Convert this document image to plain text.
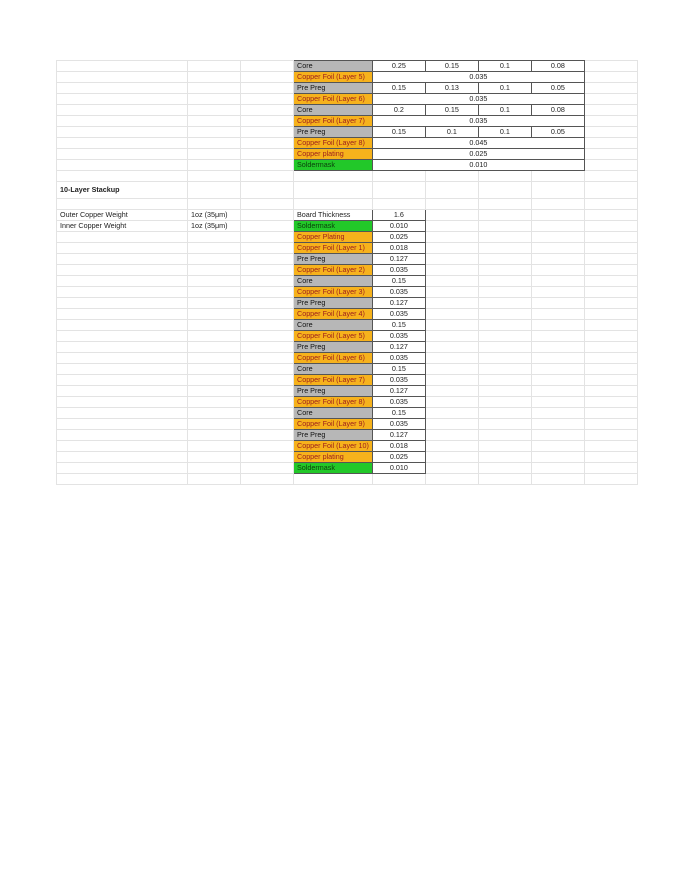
			Core	0.25	0.15	0.1	0.08	
			Copper Foil (Layer 5)	0.035				
			Pre Preg	0.15	0.13	0.1	0.05	
			Copper Foil (Layer 6)	0.035				
			Core	0.2	0.15	0.1	0.08	
			Copper Foil (Layer 7)	0.035				
			Pre Preg	0.15	0.1	0.1	0.05	
			Copper Foil (Layer 8)	0.045				
			Copper plating	0.025				
			Soldermask	0.010				

10-Layer Stackup								

Outer Copper Weight	1oz (35μm)		Board Thickness	1.6				
Inner Copper Weight	1oz (35μm)		Soldermask	0.010				
			Copper Plating	0.025				
			Copper Foil (Layer 1)	0.018				
			Pre Preg	0.127				
			Copper Foil (Layer 2)	0.035				
			Core	0.15				
			Copper Foil (Layer 3)	0.035				
			Pre Preg	0.127				
			Copper Foil (Layer 4)	0.035				
			Core	0.15				
			Copper Foil (Layer 5)	0.035				
			Pre Preg	0.127				
			Copper Foil (Layer 6)	0.035				
			Core	0.15				
			Copper Foil (Layer 7)	0.035				
			Pre Preg	0.127				
			Copper Foil (Layer 8)	0.035				
			Core	0.15				
			Copper Foil (Layer 9)	0.035				
			Pre Preg	0.127				
			Copper Foil (Layer 10)	0.018				
			Copper plating	0.025				
			Soldermask	0.010				
